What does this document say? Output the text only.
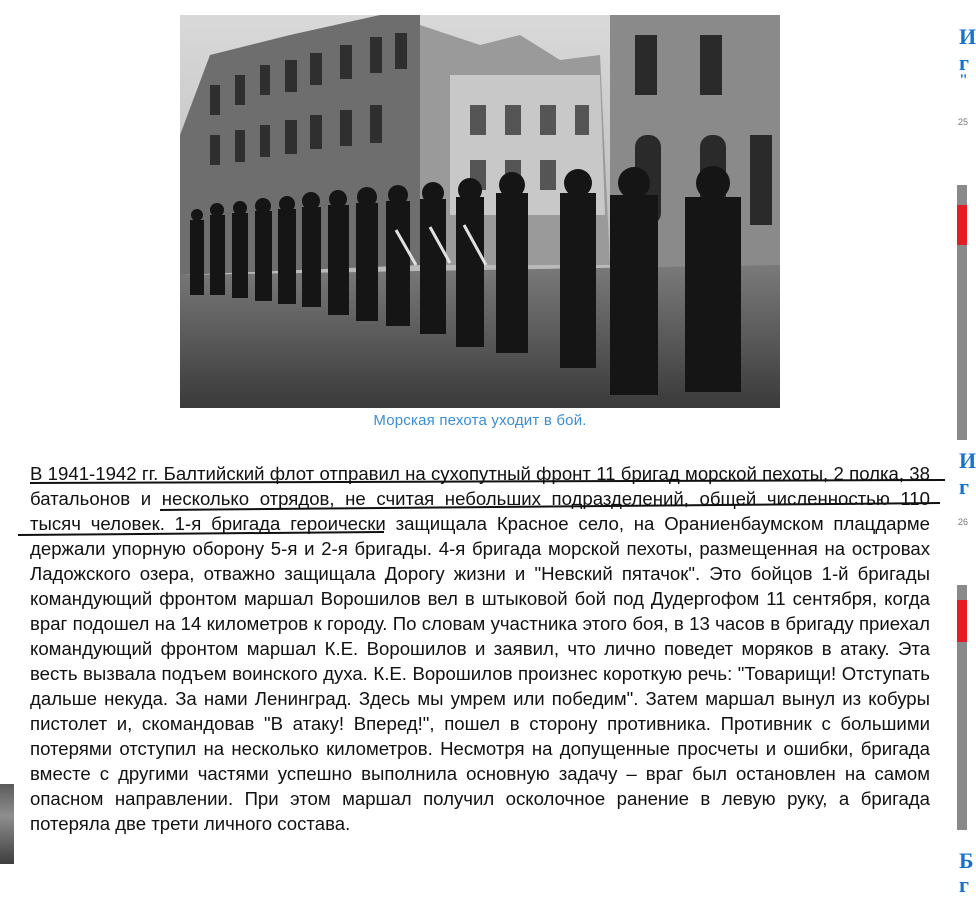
Морская пехота уходит в бой.

В 1941-1942 гг. Балтийский флот отправил на сухопутный фронт 11 бригад морской пехоты, 2 полка, 38 батальонов и несколько отрядов, не считая небольших подразделений, общей численностью 110 тысяч человек. 1-я бригада героически защищала Красное село, на Ораниенбаумском плацдарме держали упорную оборону 5-я и 2-я бригады. 4-я бригада морской пехоты, размещенная на островах Ладожского озера, отважно защищала Дорогу жизни и "Невский пятачок". Это бойцов 1-й бригады командующий фронтом маршал Ворошилов вел в штыковой бой под Дудергофом 11 сентября, когда враг подошел на 14 километров к городу. По словам участника этого боя, в 13 часов в бригаду приехал командующий фронтом маршал К.Е. Ворошилов и заявил, что лично поведет моряков в атаку. Эта весть вызвала подъем воинского духа. К.Е. Ворошилов произнес короткую речь: "Товарищи! Отступать дальше некуда. За нами Ленинград. Здесь мы умрем или победим". Затем маршал вынул из кобуры пистолет и, скомандовав "В атаку! Вперед!", пошел в сторону противника. Противник с большими потерями отступил на несколько километров. Несмотря на допущенные просчеты и ошибки, бригада вместе с другими частями успешно выполнила основную задачу – враг был остановлен на самом опасном направлении. При этом маршал получил осколочное ранение в левую руку, а бригада потеряла две трети личного состава.

И
г
"
25
И
г
26
Б
г
